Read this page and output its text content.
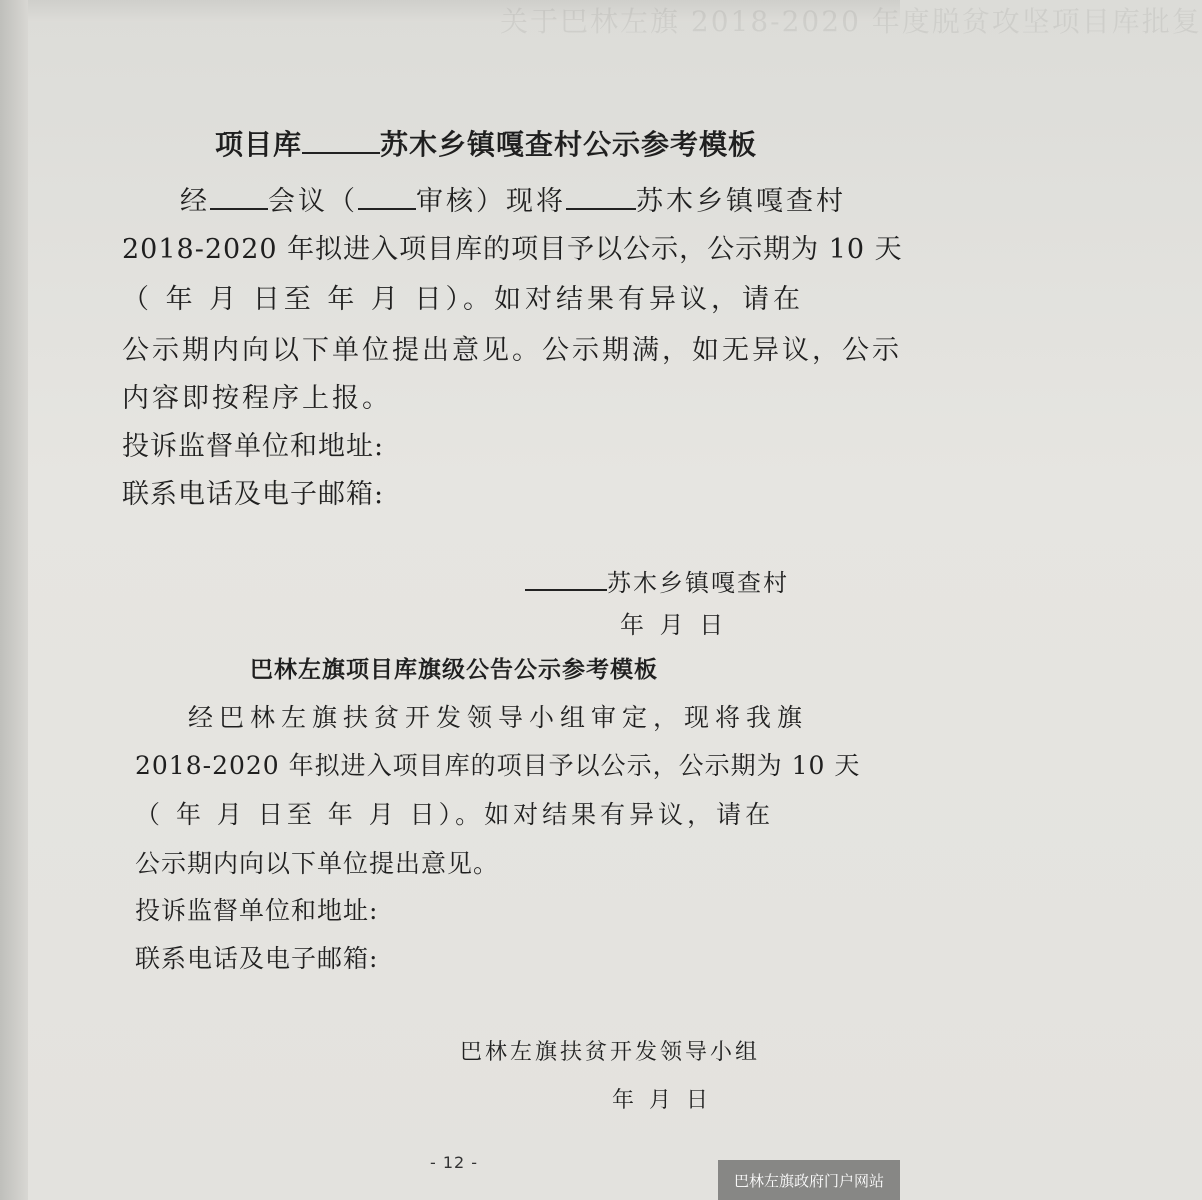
关于巴林左旗 2018-2020 年度脱贫攻坚项目库批复
项目库	苏木乡镇嘎查村公示参考模板
经 会议（ 审核）现将	苏木乡镇嘎查村
2018-2020 年拟进入项目库的项目予以公示，公示期为 10 天
（ 年 月 日至 年 月 日）。如对结果有异议，请在
公示期内向以下单位提出意见。公示期满，如无异议，公示
内容即按程序上报。
投诉监督单位和地址:
联系电话及电子邮箱:
苏木乡镇嘎查村
年 月 日
巴林左旗项目库旗级公告公示参考模板
经巴林左旗扶贫开发领导小组审定，现将我旗
2018-2020 年拟进入项目库的项目予以公示，公示期为 10 天
（ 年 月 日至 年 月 日）。如对结果有异议，请在
公示期内向以下单位提出意见。
投诉监督单位和地址:
联系电话及电子邮箱:
巴林左旗扶贫开发领导小组
年 月 日
- 12 -
巴林左旗政府门户网站
